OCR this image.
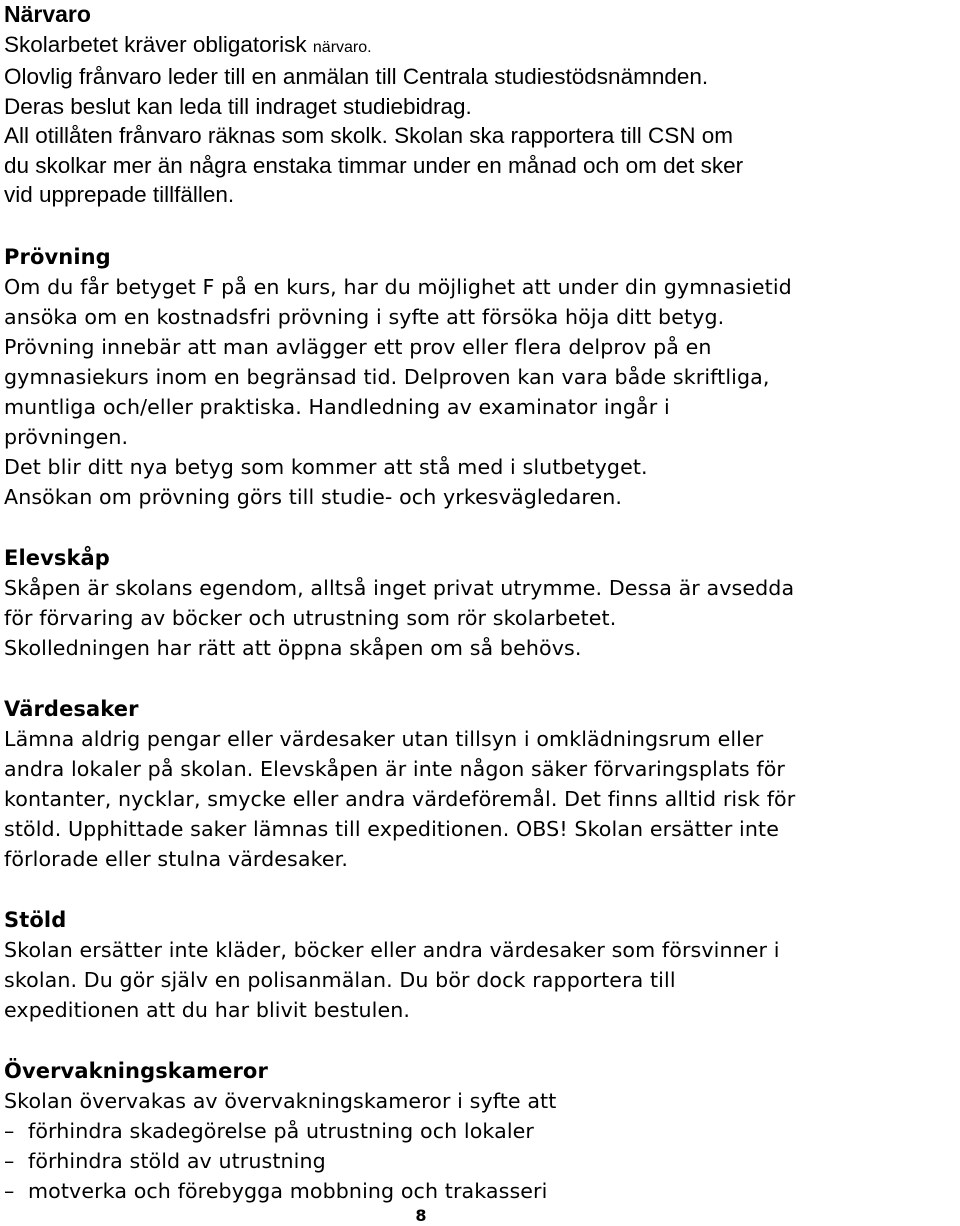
Närvaro

Skolarbetet kräver obligatorisk närvaro.

Olovlig frånvaro leder till en anmälan till Centrala studiestödsnämnden.

Deras beslut kan leda till indraget studiebidrag.

All otillåten frånvaro räknas som skolk. Skolan ska rapportera till CSN om

du skolkar mer än några enstaka timmar under en månad och om det sker

vid upprepade tillfällen.

Prövning

Om du får betyget F på en kurs, har du möjlighet att under din gymnasietid

ansöka om en kostnadsfri prövning i syfte att försöka höja ditt betyg.

Prövning innebär att man avlägger ett prov eller flera delprov på en

gymnasiekurs inom en begränsad tid. Delproven kan vara både skriftliga,

muntliga och/eller praktiska. Handledning av examinator ingår i

prövningen.

Det blir ditt nya betyg som kommer att stå med i slutbetyget.

Ansökan om prövning görs till studie- och yrkesvägledaren.

Elevskåp

Skåpen är skolans egendom, alltså inget privat utrymme. Dessa är avsedda

för förvaring av böcker och utrustning som rör skolarbetet.

Skolledningen har rätt att öppna skåpen om så behövs.

Värdesaker

Lämna aldrig pengar eller värdesaker utan tillsyn i omklädningsrum eller

andra lokaler på skolan. Elevskåpen är inte någon säker förvaringsplats för

kontanter, nycklar, smycke eller andra värdeföremål. Det finns alltid risk för

stöld. Upphittade saker lämnas till expeditionen. OBS! Skolan ersätter inte

förlorade eller stulna värdesaker.

Stöld

Skolan ersätter inte kläder, böcker eller andra värdesaker som försvinner i

skolan. Du gör själv en polisanmälan. Du bör dock rapportera till

expeditionen att du har blivit bestulen.

Övervakningskameror

Skolan övervakas av övervakningskameror i syfte att

– förhindra skadegörelse på utrustning och lokaler

– förhindra stöld av utrustning

– motverka och förebygga mobbning och trakasseri

8
